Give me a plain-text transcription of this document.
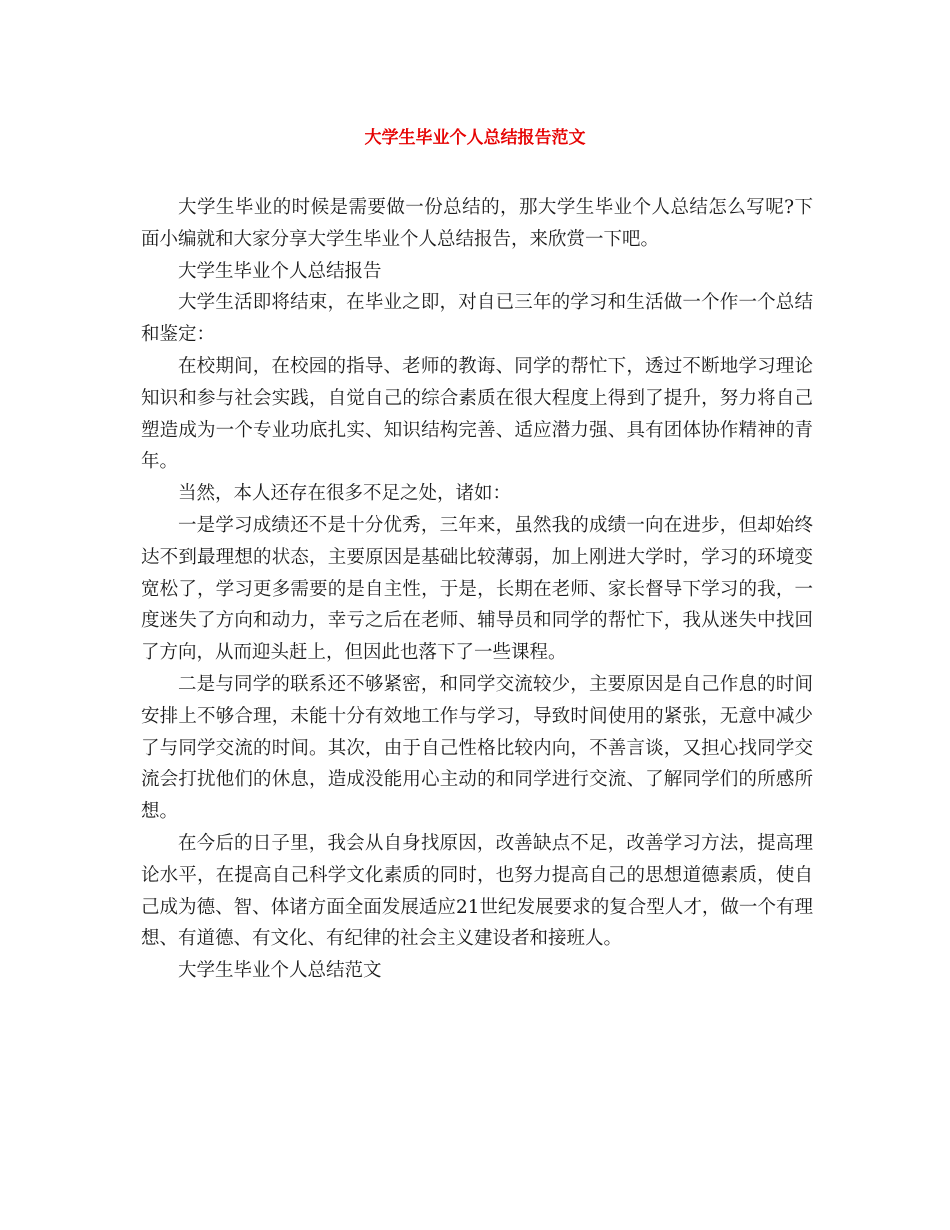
大学生毕业个人总结报告范文

大学生毕业的时候是需要做一份总结的，那大学生毕业个人总结怎么写呢?下面小编就和大家分享大学生毕业个人总结报告，来欣赏一下吧。

大学生毕业个人总结报告

大学生活即将结束，在毕业之即，对自已三年的学习和生活做一个作一个总结和鉴定：

在校期间，在校园的指导、老师的教诲、同学的帮忙下，透过不断地学习理论知识和参与社会实践，自觉自己的综合素质在很大程度上得到了提升，努力将自己塑造成为一个专业功底扎实、知识结构完善、适应潜力强、具有团体协作精神的青年。

当然，本人还存在很多不足之处，诸如：

一是学习成绩还不是十分优秀，三年来，虽然我的成绩一向在进步，但却始终达不到最理想的状态，主要原因是基础比较薄弱，加上刚进大学时，学习的环境变宽松了，学习更多需要的是自主性，于是，长期在老师、家长督导下学习的我，一度迷失了方向和动力，幸亏之后在老师、辅导员和同学的帮忙下，我从迷失中找回了方向，从而迎头赶上，但因此也落下了一些课程。

二是与同学的联系还不够紧密，和同学交流较少，主要原因是自己作息的时间安排上不够合理，未能十分有效地工作与学习，导致时间使用的紧张，无意中减少了与同学交流的时间。其次，由于自己性格比较内向，不善言谈，又担心找同学交流会打扰他们的休息，造成没能用心主动的和同学进行交流、了解同学们的所感所想。

在今后的日子里，我会从自身找原因，改善缺点不足，改善学习方法，提高理论水平，在提高自己科学文化素质的同时，也努力提高自己的思想道德素质，使自己成为德、智、体诸方面全面发展适应21世纪发展要求的复合型人才，做一个有理想、有道德、有文化、有纪律的社会主义建设者和接班人。

大学生毕业个人总结范文
